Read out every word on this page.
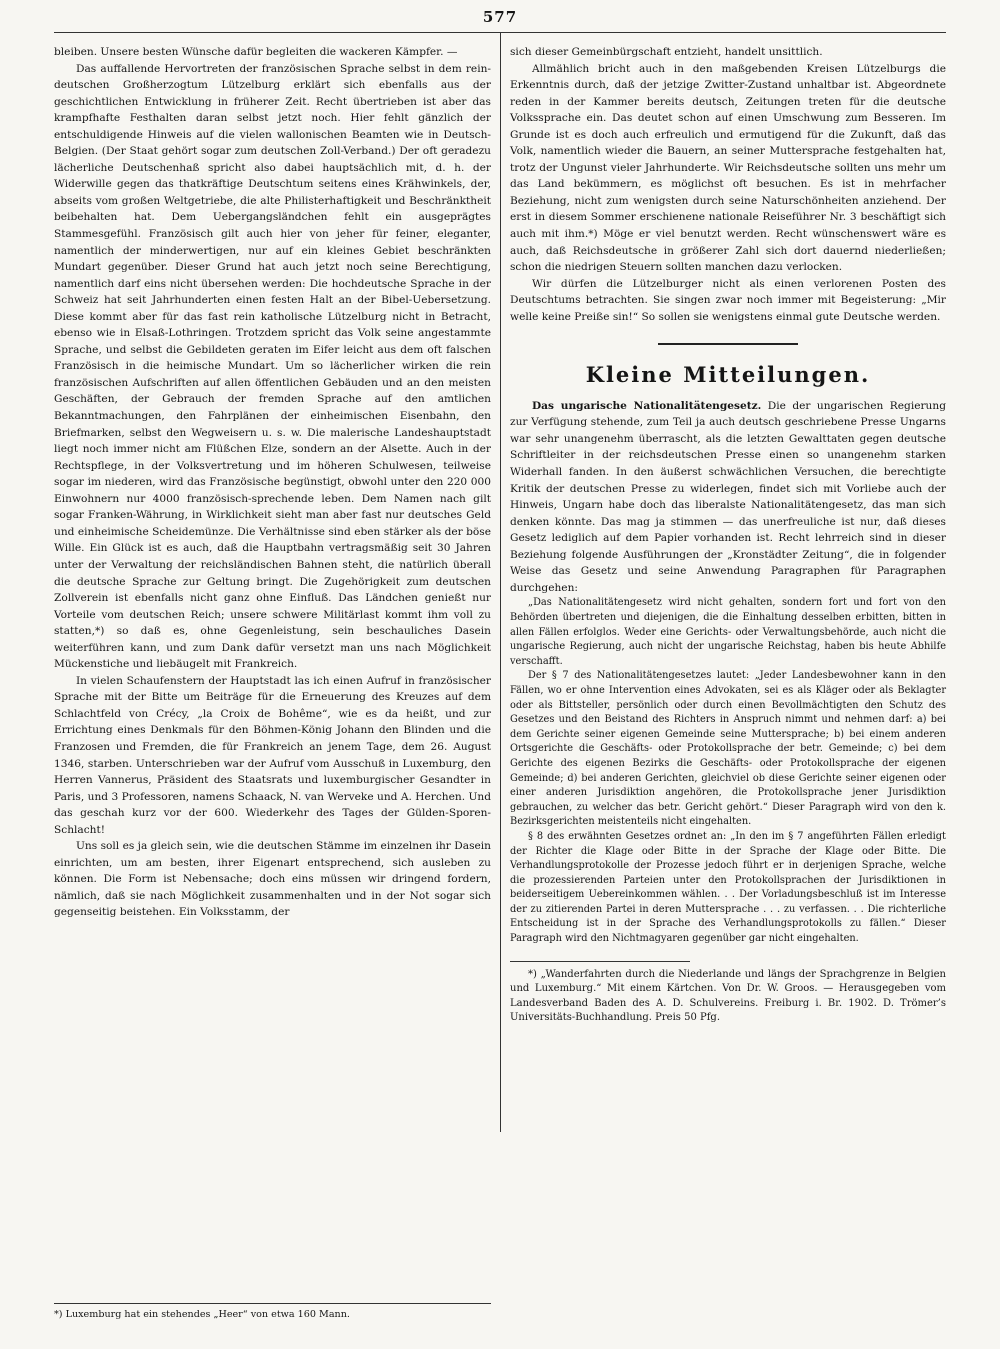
577

bleiben. Unsere besten Wünsche dafür begleiten die wackeren Kämpfer. —

Das auffallende Hervortreten der französischen Sprache selbst in dem rein-deutschen Großherzogtum Lützelburg erklärt sich ebenfalls aus der geschichtlichen Entwicklung in früherer Zeit. Recht übertrieben ist aber das krampfhafte Festhalten daran selbst jetzt noch. Hier fehlt gänzlich der entschuldigende Hinweis auf die vielen wallonischen Beamten wie in Deutsch-Belgien. (Der Staat gehört sogar zum deutschen Zoll-Verband.) Der oft geradezu lächerliche Deutschenhaß spricht also dabei hauptsächlich mit, d. h. der Widerwille gegen das thatkräftige Deutschtum seitens eines Krähwinkels, der, abseits vom großen Weltgetriebe, die alte Philisterhaftigkeit und Beschränktheit beibehalten hat. Dem Uebergangsländchen fehlt ein ausgeprägtes Stammesgefühl. Französisch gilt auch hier von jeher für feiner, eleganter, namentlich der minderwertigen, nur auf ein kleines Gebiet beschränkten Mundart gegenüber. Dieser Grund hat auch jetzt noch seine Berechtigung, namentlich darf eins nicht übersehen werden: Die hochdeutsche Sprache in der Schweiz hat seit Jahrhunderten einen festen Halt an der Bibel-Uebersetzung. Diese kommt aber für das fast rein katholische Lützelburg nicht in Betracht, ebenso wie in Elsaß-Lothringen. Trotzdem spricht das Volk seine angestammte Sprache, und selbst die Gebildeten geraten im Eifer leicht aus dem oft falschen Französisch in die heimische Mundart. Um so lächerlicher wirken die rein französischen Aufschriften auf allen öffentlichen Gebäuden und an den meisten Geschäften, der Gebrauch der fremden Sprache auf den amtlichen Bekanntmachungen, den Fahrplänen der einheimischen Eisenbahn, den Briefmarken, selbst den Wegweisern u. s. w. Die malerische Landeshauptstadt liegt noch immer nicht am Flüßchen Elze, sondern an der Alsette. Auch in der Rechtspflege, in der Volksvertretung und im höheren Schulwesen, teilweise sogar im niederen, wird das Französische begünstigt, obwohl unter den 220 000 Einwohnern nur 4000 französisch-sprechende leben. Dem Namen nach gilt sogar Franken-Währung, in Wirklichkeit sieht man aber fast nur deutsches Geld und einheimische Scheidemünze. Die Verhältnisse sind eben stärker als der böse Wille. Ein Glück ist es auch, daß die Hauptbahn vertragsmäßig seit 30 Jahren unter der Verwaltung der reichsländischen Bahnen steht, die natürlich überall die deutsche Sprache zur Geltung bringt. Die Zugehörigkeit zum deutschen Zollverein ist ebenfalls nicht ganz ohne Einfluß. Das Ländchen genießt nur Vorteile vom deutschen Reich; unsere schwere Militärlast kommt ihm voll zu statten,*) so daß es, ohne Gegenleistung, sein beschauliches Dasein weiterführen kann, und zum Dank dafür versetzt man uns nach Möglichkeit Mückenstiche und liebäugelt mit Frankreich.

In vielen Schaufenstern der Hauptstadt las ich einen Aufruf in französischer Sprache mit der Bitte um Beiträge für die Erneuerung des Kreuzes auf dem Schlachtfeld von Crécy, „la Croix de Bohême“, wie es da heißt, und zur Errichtung eines Denkmals für den Böhmen-König Johann den Blinden und die Franzosen und Fremden, die für Frankreich an jenem Tage, dem 26. August 1346, starben. Unterschrieben war der Aufruf vom Ausschuß in Luxemburg, den Herren Vannerus, Präsident des Staatsrats und luxemburgischer Gesandter in Paris, und 3 Professoren, namens Schaack, N. van Werveke und A. Herchen. Und das geschah kurz vor der 600. Wiederkehr des Tages der Gülden-Sporen-Schlacht!

Uns soll es ja gleich sein, wie die deutschen Stämme im einzelnen ihr Dasein einrichten, um am besten, ihrer Eigenart entsprechend, sich ausleben zu können. Die Form ist Nebensache; doch eins müssen wir dringend fordern, nämlich, daß sie nach Möglichkeit zusammenhalten und in der Not sogar sich gegenseitig beistehen. Ein Volksstamm, der

*) Luxemburg hat ein stehendes „Heer“ von etwa 160 Mann.

sich dieser Gemeinbürgschaft entzieht, handelt unsittlich.

Allmählich bricht auch in den maßgebenden Kreisen Lützelburgs die Erkenntnis durch, daß der jetzige Zwitter-Zustand unhaltbar ist. Abgeordnete reden in der Kammer bereits deutsch, Zeitungen treten für die deutsche Volkssprache ein. Das deutet schon auf einen Umschwung zum Besseren. Im Grunde ist es doch auch erfreulich und ermutigend für die Zukunft, daß das Volk, namentlich wieder die Bauern, an seiner Muttersprache festgehalten hat, trotz der Ungunst vieler Jahrhunderte. Wir Reichsdeutsche sollten uns mehr um das Land bekümmern, es möglichst oft besuchen. Es ist in mehrfacher Beziehung, nicht zum wenigsten durch seine Naturschönheiten anziehend. Der erst in diesem Sommer erschienene nationale Reiseführer Nr. 3 beschäftigt sich auch mit ihm.*) Möge er viel benutzt werden. Recht wünschenswert wäre es auch, daß Reichsdeutsche in größerer Zahl sich dort dauernd niederließen; schon die niedrigen Steuern sollten manchen dazu verlocken.

Wir dürfen die Lützelburger nicht als einen verlorenen Posten des Deutschtums betrachten. Sie singen zwar noch immer mit Begeisterung: „Mir welle keine Preiße sin!“ So sollen sie wenigstens einmal gute Deutsche werden.

Kleine Mitteilungen.

Das ungarische Nationalitätengesetz. Die der ungarischen Regierung zur Verfügung stehende, zum Teil ja auch deutsch geschriebene Presse Ungarns war sehr unangenehm überrascht, als die letzten Gewalttaten gegen deutsche Schriftleiter in der reichsdeutschen Presse einen so unangenehm starken Widerhall fanden. In den äußerst schwächlichen Versuchen, die berechtigte Kritik der deutschen Presse zu widerlegen, findet sich mit Vorliebe auch der Hinweis, Ungarn habe doch das liberalste Nationalitätengesetz, das man sich denken könnte. Das mag ja stimmen — das unerfreuliche ist nur, daß dieses Gesetz lediglich auf dem Papier vorhanden ist. Recht lehrreich sind in dieser Beziehung folgende Ausführungen der „Kronstädter Zeitung“, die in folgender Weise das Gesetz und seine Anwendung Paragraphen für Paragraphen durchgehen:

„Das Nationalitätengesetz wird nicht gehalten, sondern fort und fort von den Behörden übertreten und diejenigen, die die Einhaltung desselben erbitten, bitten in allen Fällen erfolglos. Weder eine Gerichts- oder Verwaltungsbehörde, auch nicht die ungarische Regierung, auch nicht der ungarische Reichstag, haben bis heute Abhilfe verschafft.

Der § 7 des Nationalitätengesetzes lautet: „Jeder Landesbewohner kann in den Fällen, wo er ohne Intervention eines Advokaten, sei es als Kläger oder als Beklagter oder als Bittsteller, persönlich oder durch einen Bevollmächtigten den Schutz des Gesetzes und den Beistand des Richters in Anspruch nimmt und nehmen darf: a) bei dem Gerichte seiner eigenen Gemeinde seine Muttersprache; b) bei einem anderen Ortsgerichte die Geschäfts- oder Protokollsprache der betr. Gemeinde; c) bei dem Gerichte des eigenen Bezirks die Geschäfts- oder Protokollsprache der eigenen Gemeinde; d) bei anderen Gerichten, gleichviel ob diese Gerichte seiner eigenen oder einer anderen Jurisdiktion angehören, die Protokollsprache jener Jurisdiktion gebrauchen, zu welcher das betr. Gericht gehört.“ Dieser Paragraph wird von den k. Bezirksgerichten meistenteils nicht eingehalten.

§ 8 des erwähnten Gesetzes ordnet an: „In den im § 7 angeführten Fällen erledigt der Richter die Klage oder Bitte in der Sprache der Klage oder Bitte. Die Verhandlungsprotokolle der Prozesse jedoch führt er in derjenigen Sprache, welche die prozessierenden Parteien unter den Protokollsprachen der Jurisdiktionen in beiderseitigem Uebereinkommen wählen. . . Der Vorladungsbeschluß ist im Interesse der zu zitierenden Partei in deren Muttersprache . . . zu verfassen. . . Die richterliche Entscheidung ist in der Sprache des Verhandlungsprotokolls zu fällen.“ Dieser Paragraph wird den Nichtmagyaren gegenüber gar nicht eingehalten.

*) „Wanderfahrten durch die Niederlande und längs der Sprachgrenze in Belgien und Luxemburg.“ Mit einem Kärtchen. Von Dr. W. Groos. — Herausgegeben vom Landesverband Baden des A. D. Schulvereins. Freiburg i. Br. 1902. D. Trömer’s Universitäts-Buchhandlung. Preis 50 Pfg.
